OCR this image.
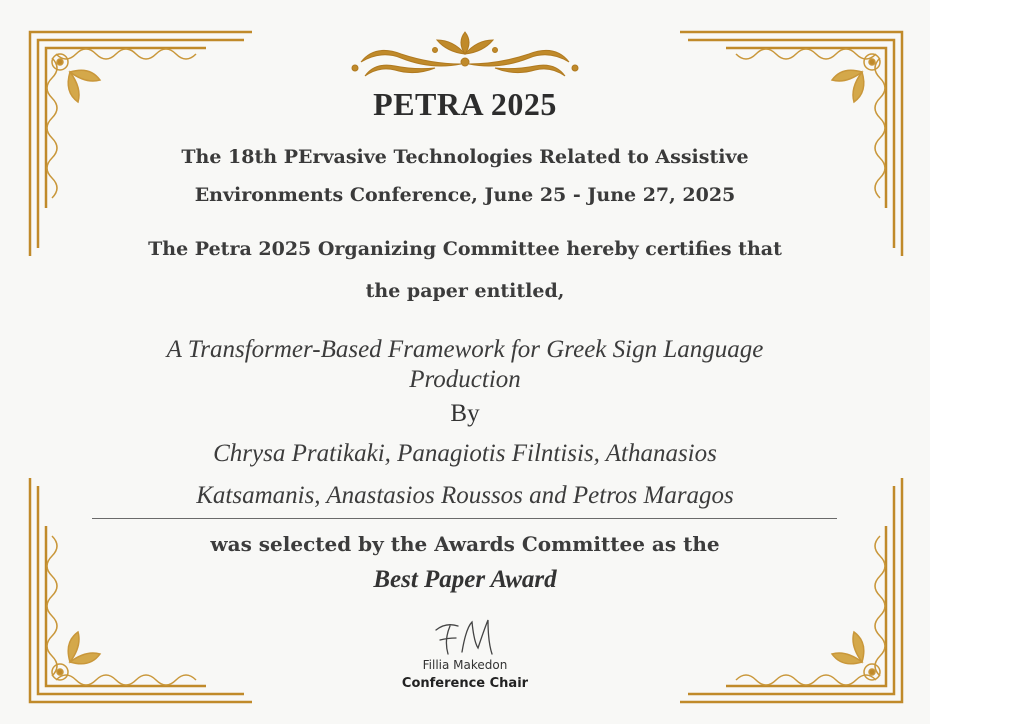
PETRA 2025
The 18th PErvasive Technologies Related to Assistive
Environments Conference, June 25 - June 27, 2025
The Petra 2025 Organizing Committee hereby certifies that
the paper entitled,
A Transformer-Based Framework for Greek Sign Language
Production
By
Chrysa Pratikaki, Panagiotis Filntisis, Athanasios
Katsamanis, Anastasios Roussos and Petros Maragos
was selected by the Awards Committee as the
Best Paper Award
Fillia Makedon
Conference Chair
